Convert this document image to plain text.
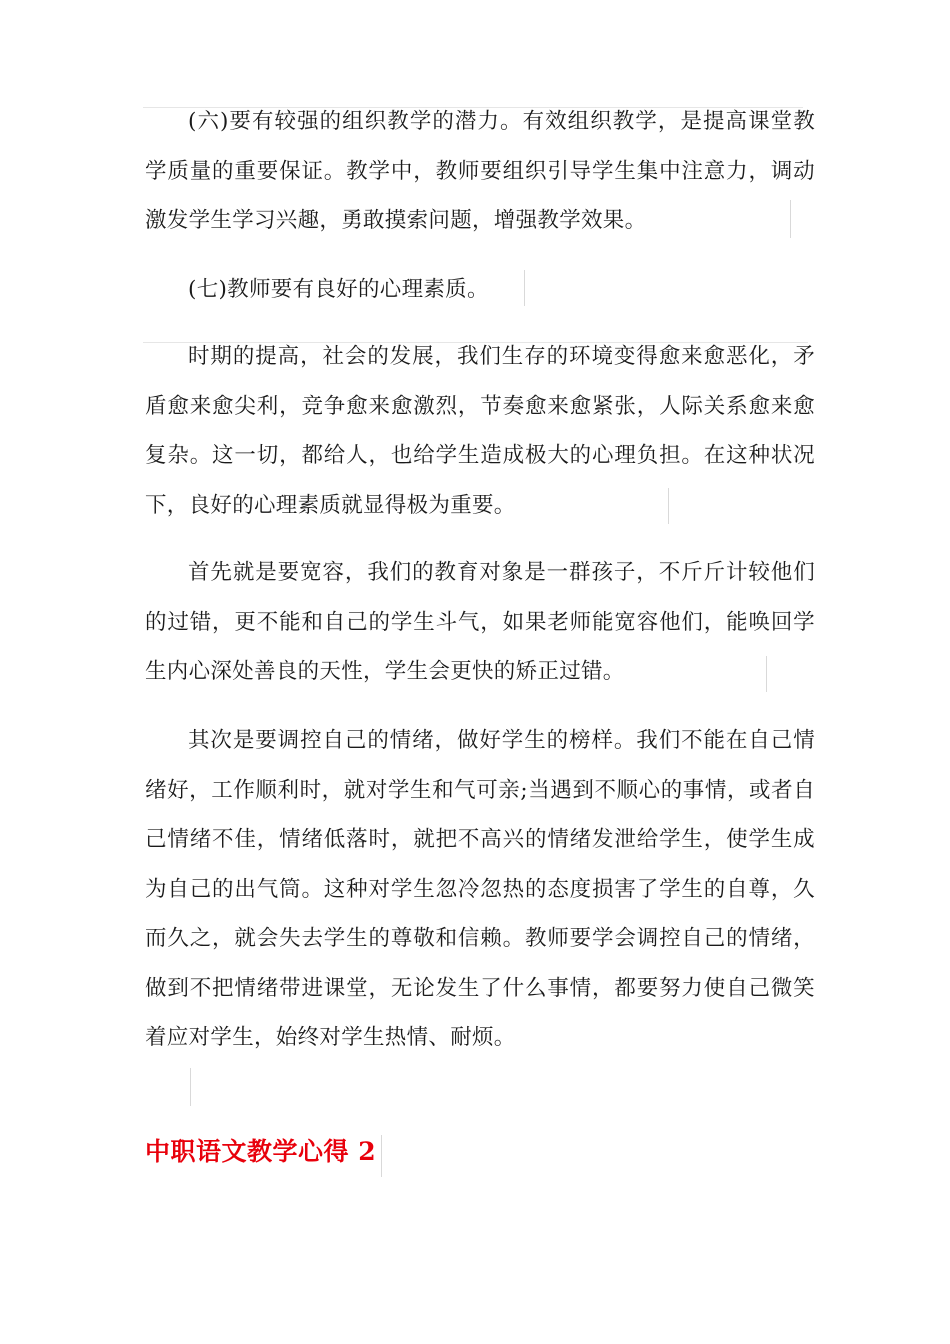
(六)要有较强的组织教学的潜力。有效组织教学，是提高课堂教学质量的重要保证。教学中，教师要组织引导学生集中注意力，调动激发学生学习兴趣，勇敢摸索问题，增强教学效果。

(七)教师要有良好的心理素质。

时期的提高，社会的发展，我们生存的环境变得愈来愈恶化，矛盾愈来愈尖利，竞争愈来愈激烈，节奏愈来愈紧张，人际关系愈来愈复杂。这一切，都给人，也给学生造成极大的心理负担。在这种状况下，良好的心理素质就显得极为重要。

首先就是要宽容，我们的教育对象是一群孩子，不斤斤计较他们的过错，更不能和自己的学生斗气，如果老师能宽容他们，能唤回学生内心深处善良的天性，学生会更快的矫正过错。

其次是要调控自己的情绪，做好学生的榜样。我们不能在自己情绪好，工作顺利时，就对学生和气可亲;当遇到不顺心的事情，或者自己情绪不佳，情绪低落时，就把不高兴的情绪发泄给学生，使学生成为自己的出气筒。这种对学生忽冷忽热的态度损害了学生的自尊，久而久之，就会失去学生的尊敬和信赖。教师要学会调控自己的情绪，做到不把情绪带进课堂，无论发生了什么事情，都要努力使自己微笑着应对学生，始终对学生热情、耐烦。

中职语文教学心得 2
